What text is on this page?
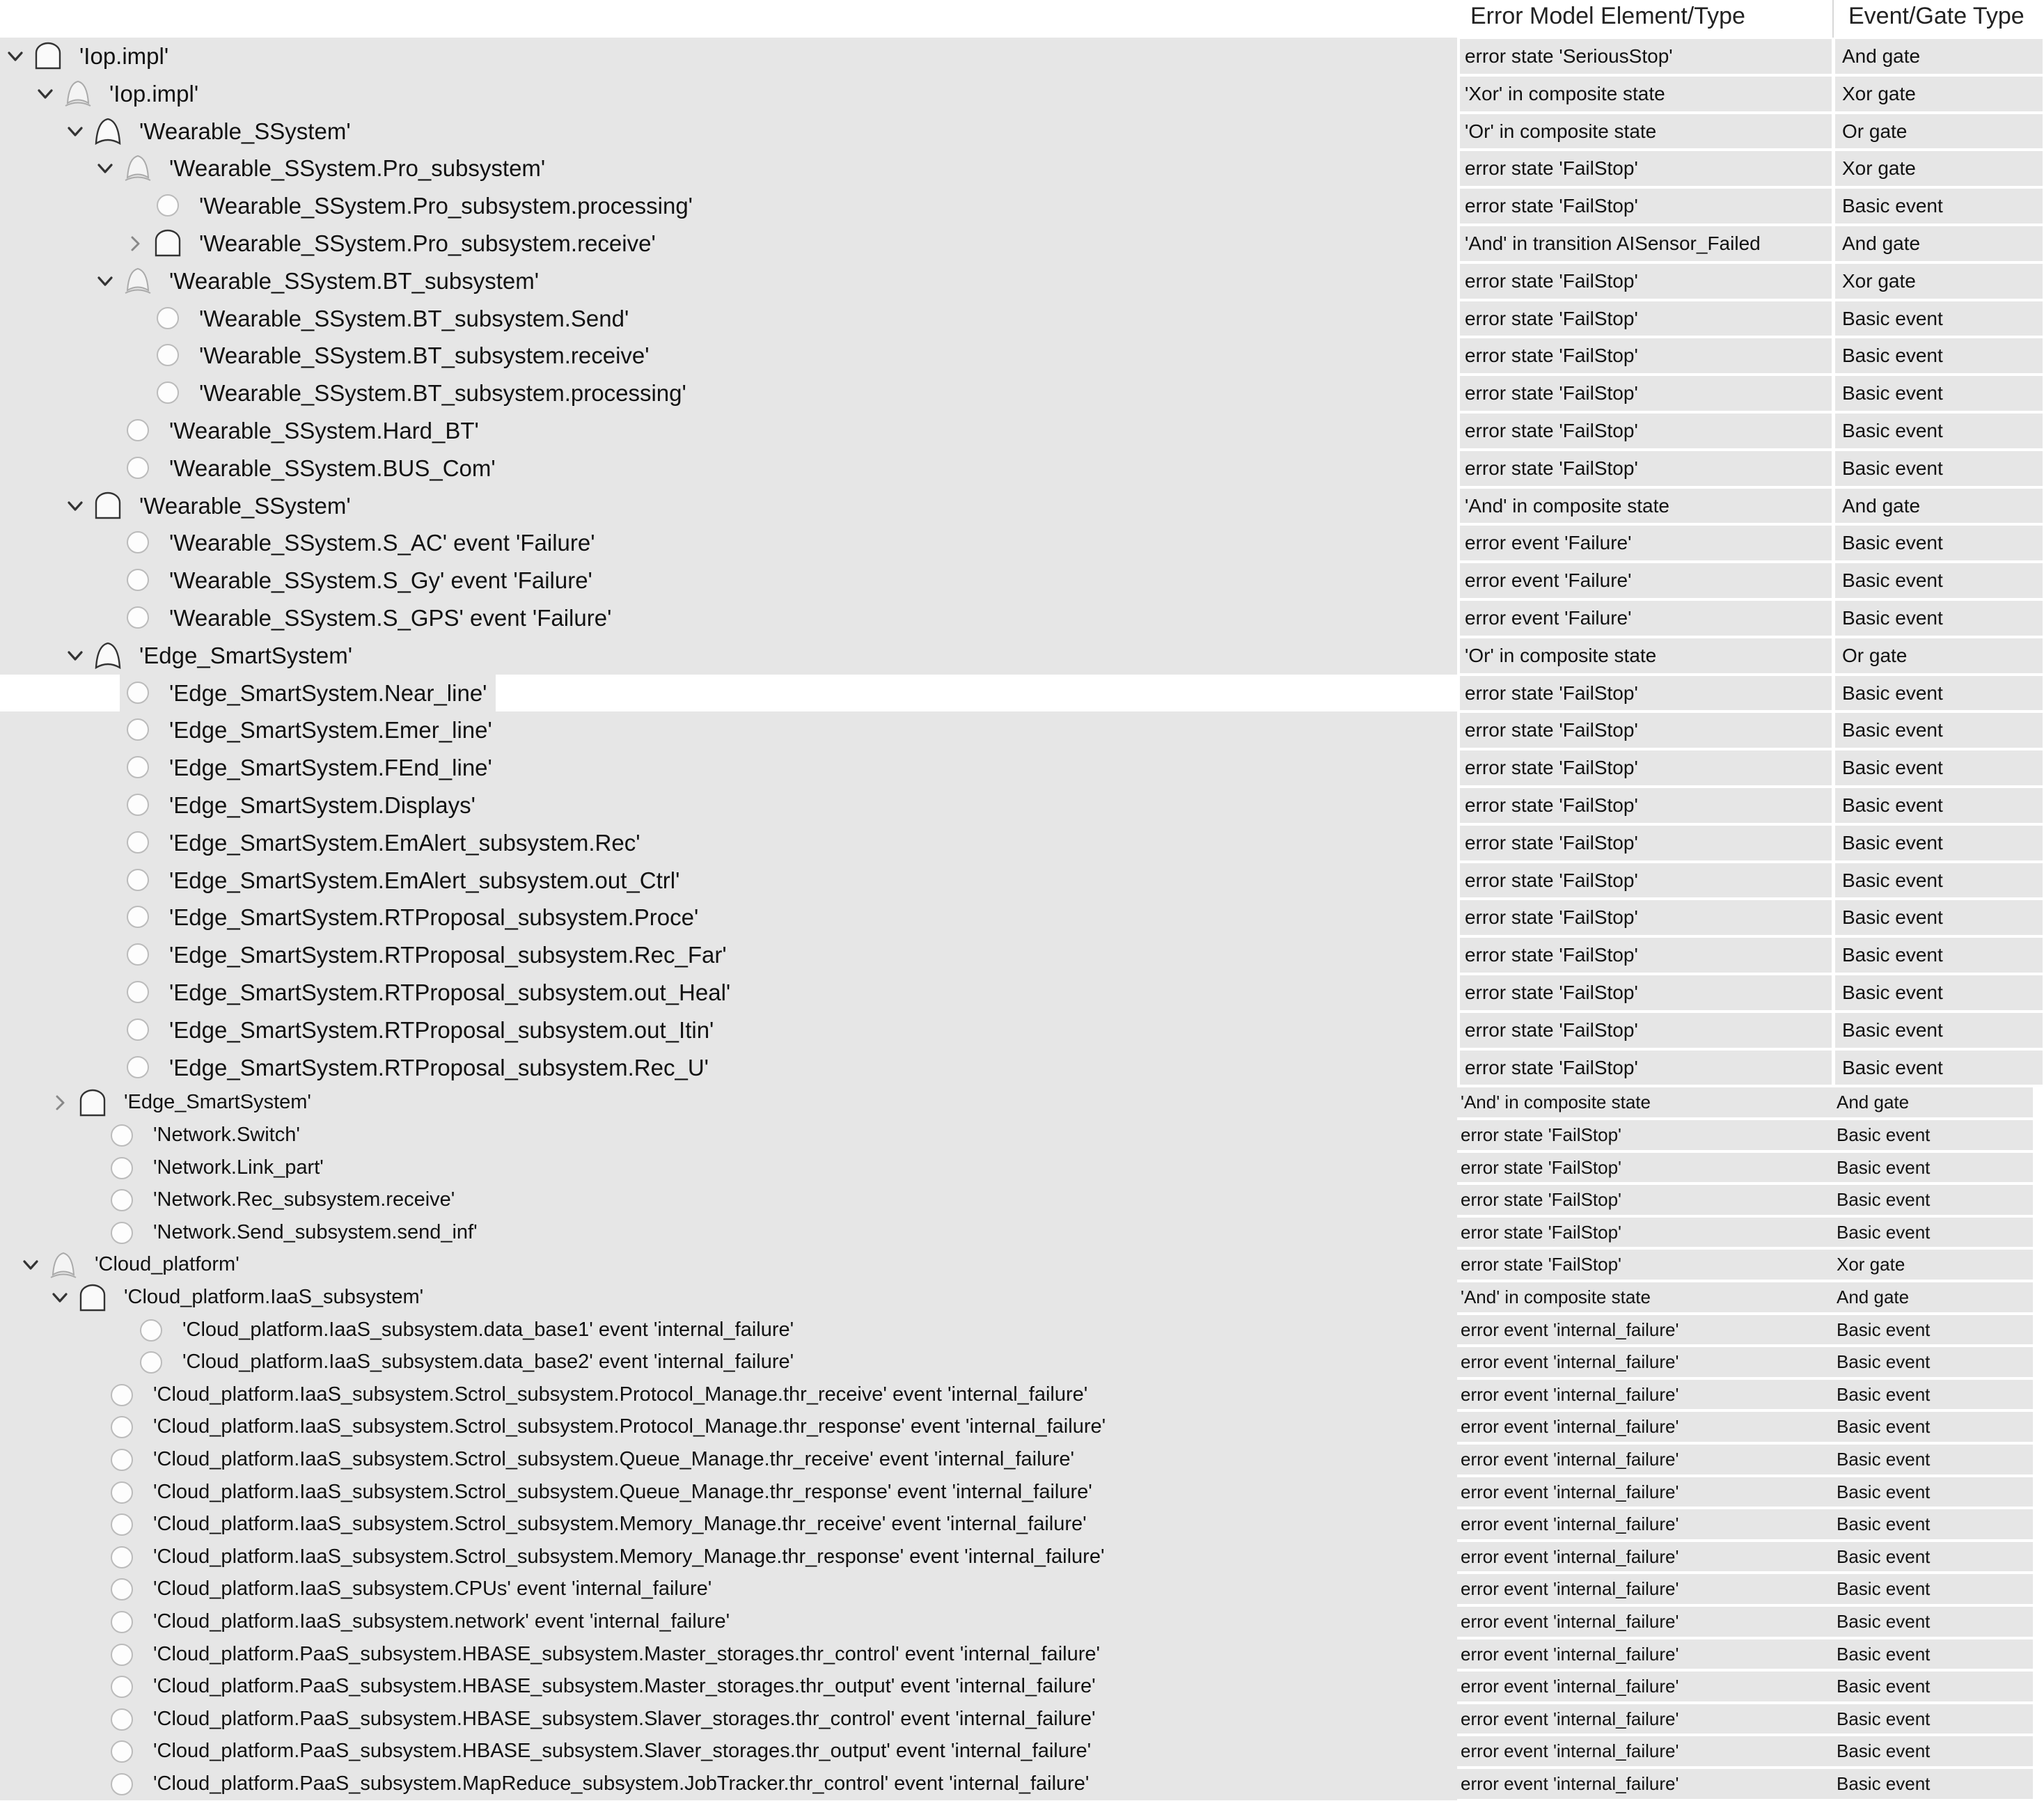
Error Model Element/Type	Event/Gate Type
'Iop.impl'	error state 'SeriousStop'	And gate
'Iop.impl'	'Xor' in composite state	Xor gate
'Wearable_SSystem'	'Or' in composite state	Or gate
'Wearable_SSystem.Pro_subsystem'	error state 'FailStop'	Xor gate
'Wearable_SSystem.Pro_subsystem.processing'	error state 'FailStop'	Basic event
'Wearable_SSystem.Pro_subsystem.receive'	'And' in transition AISensor_Failed	And gate
'Wearable_SSystem.BT_subsystem'	error state 'FailStop'	Xor gate
'Wearable_SSystem.BT_subsystem.Send'	error state 'FailStop'	Basic event
'Wearable_SSystem.BT_subsystem.receive'	error state 'FailStop'	Basic event
'Wearable_SSystem.BT_subsystem.processing'	error state 'FailStop'	Basic event
'Wearable_SSystem.Hard_BT'	error state 'FailStop'	Basic event
'Wearable_SSystem.BUS_Com'	error state 'FailStop'	Basic event
'Wearable_SSystem'	'And' in composite state	And gate
'Wearable_SSystem.S_AC' event 'Failure'	error event 'Failure'	Basic event
'Wearable_SSystem.S_Gy' event 'Failure'	error event 'Failure'	Basic event
'Wearable_SSystem.S_GPS' event 'Failure'	error event 'Failure'	Basic event
'Edge_SmartSystem'	'Or' in composite state	Or gate
'Edge_SmartSystem.Near_line'	error state 'FailStop'	Basic event
'Edge_SmartSystem.Emer_line'	error state 'FailStop'	Basic event
'Edge_SmartSystem.FEnd_line'	error state 'FailStop'	Basic event
'Edge_SmartSystem.Displays'	error state 'FailStop'	Basic event
'Edge_SmartSystem.EmAlert_subsystem.Rec'	error state 'FailStop'	Basic event
'Edge_SmartSystem.EmAlert_subsystem.out_Ctrl'	error state 'FailStop'	Basic event
'Edge_SmartSystem.RTProposal_subsystem.Proce'	error state 'FailStop'	Basic event
'Edge_SmartSystem.RTProposal_subsystem.Rec_Far'	error state 'FailStop'	Basic event
'Edge_SmartSystem.RTProposal_subsystem.out_Heal'	error state 'FailStop'	Basic event
'Edge_SmartSystem.RTProposal_subsystem.out_Itin'	error state 'FailStop'	Basic event
'Edge_SmartSystem.RTProposal_subsystem.Rec_U'	error state 'FailStop'	Basic event
'Edge_SmartSystem'	'And' in composite state	And gate
'Network.Switch'	error state 'FailStop'	Basic event
'Network.Link_part'	error state 'FailStop'	Basic event
'Network.Rec_subsystem.receive'	error state 'FailStop'	Basic event
'Network.Send_subsystem.send_inf'	error state 'FailStop'	Basic event
'Cloud_platform'	error state 'FailStop'	Xor gate
'Cloud_platform.IaaS_subsystem'	'And' in composite state	And gate
'Cloud_platform.IaaS_subsystem.data_base1' event 'internal_failure'	error event 'internal_failure'	Basic event
'Cloud_platform.IaaS_subsystem.data_base2' event 'internal_failure'	error event 'internal_failure'	Basic event
'Cloud_platform.IaaS_subsystem.Sctrol_subsystem.Protocol_Manage.thr_receive' event 'internal_failure'	error event 'internal_failure'	Basic event
'Cloud_platform.IaaS_subsystem.Sctrol_subsystem.Protocol_Manage.thr_response' event 'internal_failure'	error event 'internal_failure'	Basic event
'Cloud_platform.IaaS_subsystem.Sctrol_subsystem.Queue_Manage.thr_receive' event 'internal_failure'	error event 'internal_failure'	Basic event
'Cloud_platform.IaaS_subsystem.Sctrol_subsystem.Queue_Manage.thr_response' event 'internal_failure'	error event 'internal_failure'	Basic event
'Cloud_platform.IaaS_subsystem.Sctrol_subsystem.Memory_Manage.thr_receive' event 'internal_failure'	error event 'internal_failure'	Basic event
'Cloud_platform.IaaS_subsystem.Sctrol_subsystem.Memory_Manage.thr_response' event 'internal_failure'	error event 'internal_failure'	Basic event
'Cloud_platform.IaaS_subsystem.CPUs' event 'internal_failure'	error event 'internal_failure'	Basic event
'Cloud_platform.IaaS_subsystem.network' event 'internal_failure'	error event 'internal_failure'	Basic event
'Cloud_platform.PaaS_subsystem.HBASE_subsystem.Master_storages.thr_control' event 'internal_failure'	error event 'internal_failure'	Basic event
'Cloud_platform.PaaS_subsystem.HBASE_subsystem.Master_storages.thr_output' event 'internal_failure'	error event 'internal_failure'	Basic event
'Cloud_platform.PaaS_subsystem.HBASE_subsystem.Slaver_storages.thr_control' event 'internal_failure'	error event 'internal_failure'	Basic event
'Cloud_platform.PaaS_subsystem.HBASE_subsystem.Slaver_storages.thr_output' event 'internal_failure'	error event 'internal_failure'	Basic event
'Cloud_platform.PaaS_subsystem.MapReduce_subsystem.JobTracker.thr_control' event 'internal_failure'	error event 'internal_failure'	Basic event
